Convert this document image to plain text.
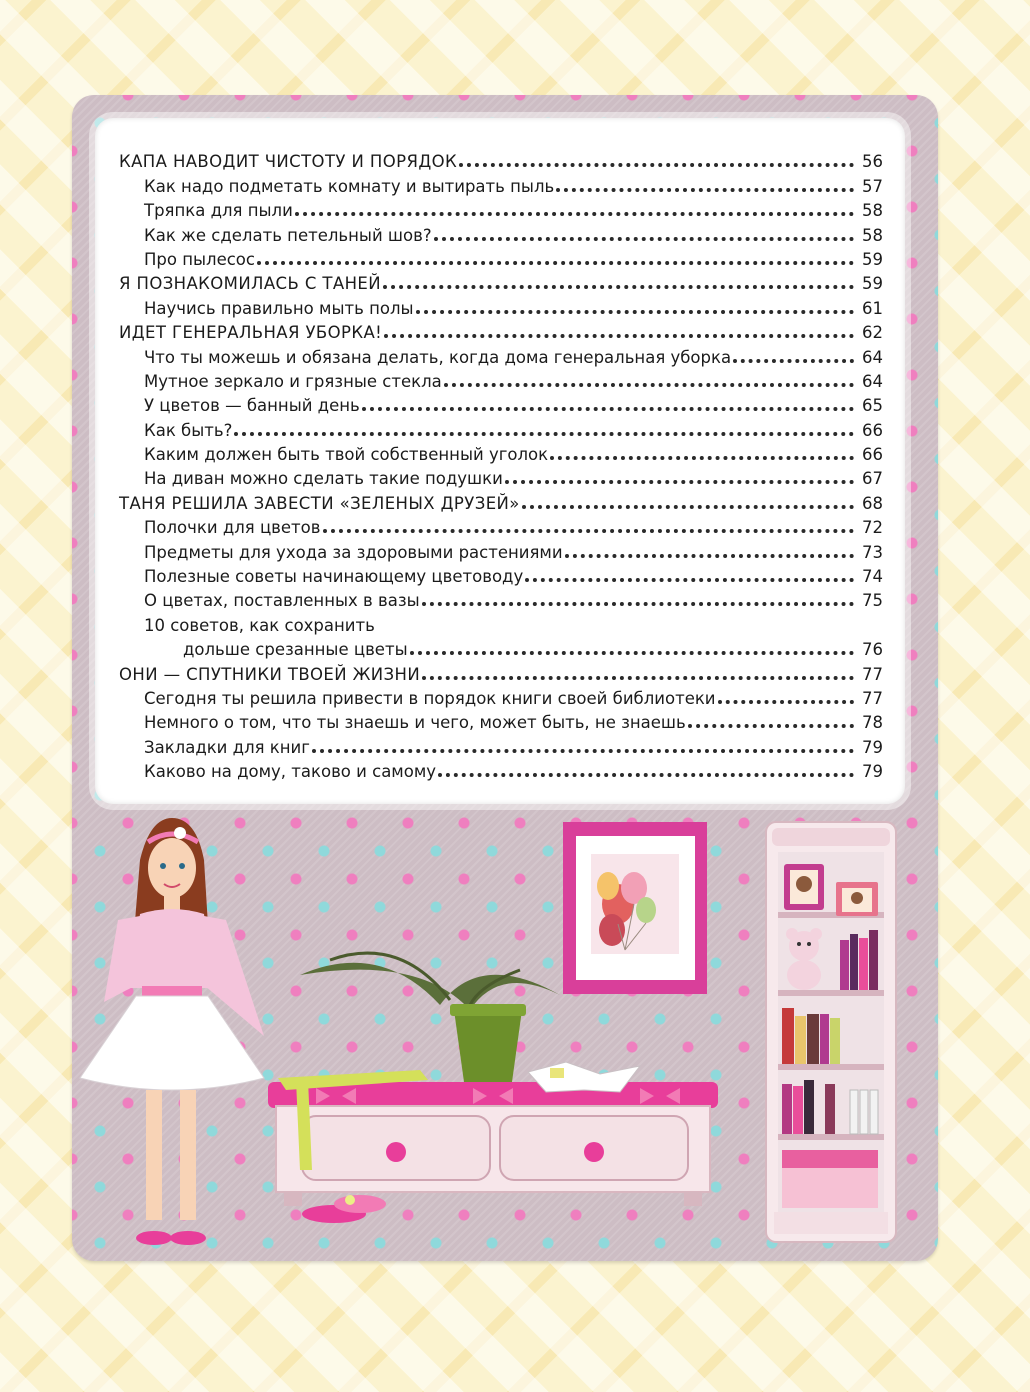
КАПА НАВОДИТ ЧИСТОТУ И ПОРЯДОК	56
Как надо подметать комнату и вытирать пыль	57
Тряпка для пыли	58
Как же сделать петельный шов?	58
Про пылесос	59
Я ПОЗНАКОМИЛАСЬ С ТАНЕЙ	59
Научись правильно мыть полы	61
ИДЕТ ГЕНЕРАЛЬНАЯ УБОРКА!	62
Что ты можешь и обязана делать, когда дома генеральная уборка	64
Мутное зеркало и грязные стекла	64
У цветов — банный день	65
Как быть?	66
Каким должен быть твой собственный уголок	66
На диван можно сделать такие подушки	67
ТАНЯ РЕШИЛА ЗАВЕСТИ «ЗЕЛЕНЫХ ДРУЗЕЙ»	68
Полочки для цветов	72
Предметы для ухода за здоровыми растениями	73
Полезные советы начинающему цветоводу	74
О цветах, поставленных в вазы	75
10 советов, как сохранить
дольше срезанные цветы	76
ОНИ — СПУТНИКИ ТВОЕЙ ЖИЗНИ	77
Сегодня ты решила привести в порядок книги своей библиотеки	77
Немного о том, что ты знаешь и чего, может быть, не знаешь	78
Закладки для книг	79
Каково на дому, таково и самому	79
